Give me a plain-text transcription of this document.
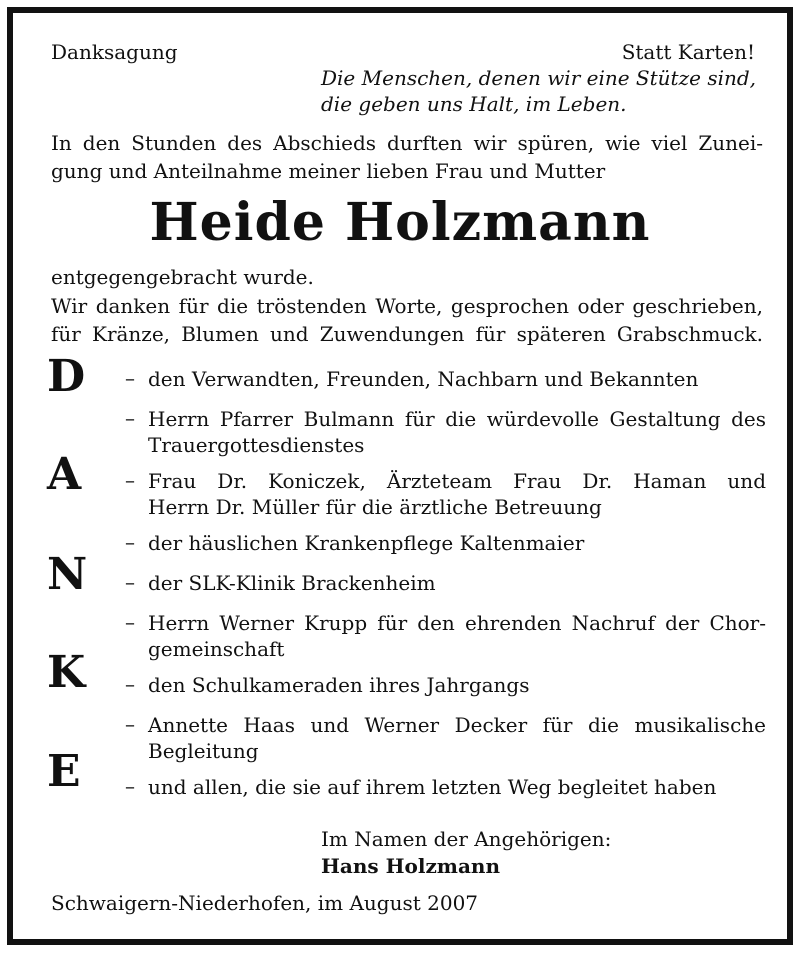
Danksagung	Statt Karten!
Die Menschen, denen wir eine Stütze sind,
die geben uns Halt, im Leben.
In den Stunden des Abschieds durften wir spüren, wie viel Zunei-
gung und Anteilnahme meiner lieben Frau und Mutter
Heide Holzmann
entgegengebracht wurde.
Wir danken für die tröstenden Worte, gesprochen oder geschrieben,
für Kränze, Blumen und Zuwendungen für späteren Grabschmuck.
D
A
N
K
E
– den Verwandten, Freunden, Nachbarn und Bekannten
– Herrn Pfarrer Bulmann für die würdevolle Gestaltung des
Trauergottesdienstes
– Frau Dr. Koniczek, Ärzteteam Frau Dr. Haman und
Herrn Dr. Müller für die ärztliche Betreuung
– der häuslichen Krankenpflege Kaltenmaier
– der SLK-Klinik Brackenheim
– Herrn Werner Krupp für den ehrenden Nachruf der Chor-
gemeinschaft
– den Schulkameraden ihres Jahrgangs
– Annette Haas und Werner Decker für die musikalische
Begleitung
– und allen, die sie auf ihrem letzten Weg begleitet haben
Im Namen der Angehörigen:
Hans Holzmann
Schwaigern-Niederhofen, im August 2007
